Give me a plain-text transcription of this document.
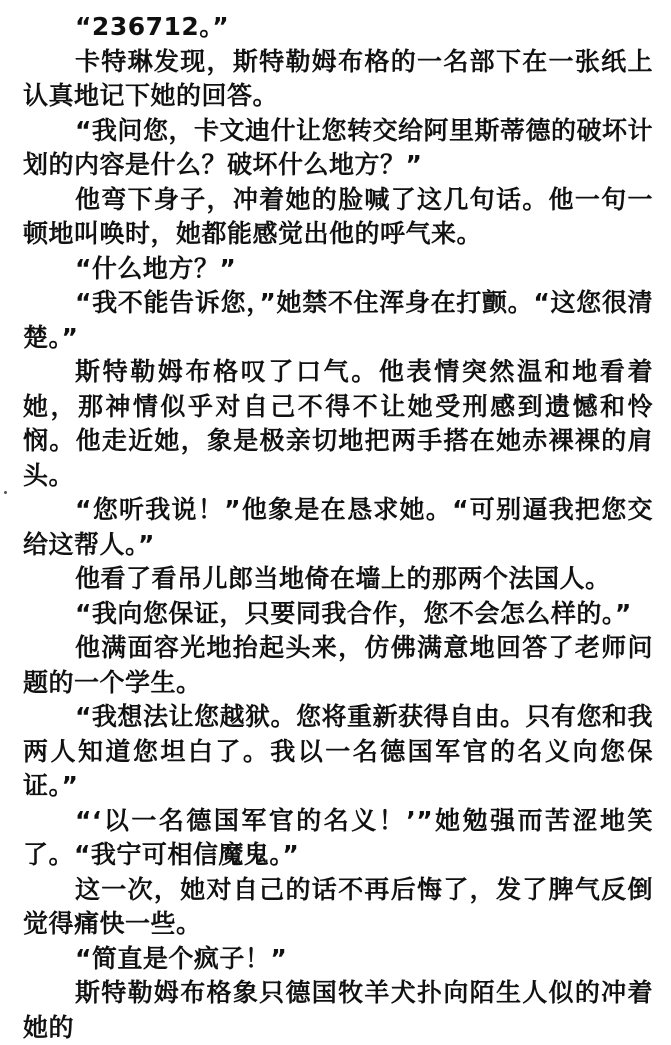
“236712。”

卡特琳发现，斯特勒姆布格的一名部下在一张纸上认真地记下她的回答。

“我问您，卡文迪什让您转交给阿里斯蒂德的破坏计划的内容是什么？破坏什么地方？”

他弯下身子，冲着她的脸喊了这几句话。他一句一顿地叫唤时，她都能感觉出他的呼气来。

“什么地方？”

“我不能告诉您，”她禁不住浑身在打颤。“这您很清楚。”

斯特勒姆布格叹了口气。他表情突然温和地看着她，那神情似乎对自己不得不让她受刑感到遗憾和怜悯。他走近她，象是极亲切地把两手搭在她赤裸裸的肩头。

“您听我说！”他象是在恳求她。“可别逼我把您交给这帮人。”

他看了看吊儿郎当地倚在墙上的那两个法国人。

“我向您保证，只要同我合作，您不会怎么样的。”

他满面容光地抬起头来，仿佛满意地回答了老师问题的一个学生。

“我想法让您越狱。您将重新获得自由。只有您和我两人知道您坦白了。我以一名德国军官的名义向您保证。”

“‘以一名德国军官的名义！’”她勉强而苦涩地笑了。“我宁可相信魔鬼。”

这一次，她对自己的话不再后悔了，发了脾气反倒觉得痛快一些。

“简直是个疯子！”

斯特勒姆布格象只德国牧羊犬扑向陌生人似的冲着她的
